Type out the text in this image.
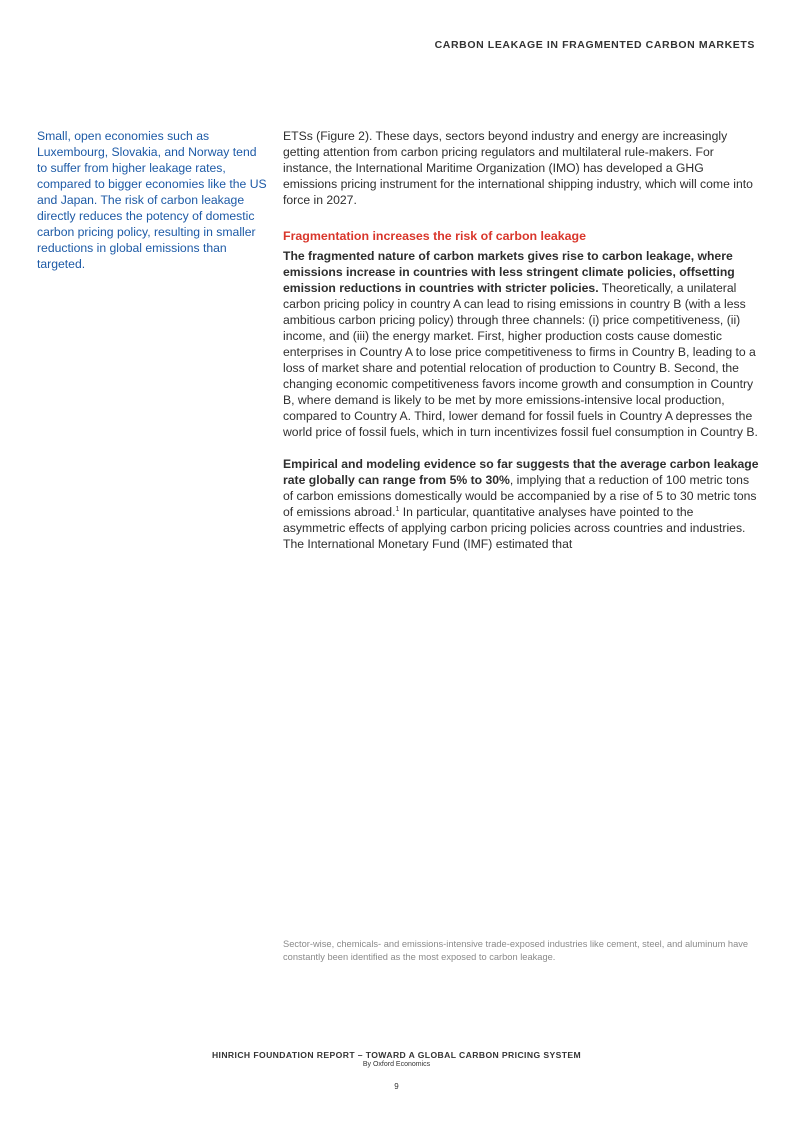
CARBON LEAKAGE IN FRAGMENTED CARBON MARKETS
Small, open economies such as Luxembourg, Slovakia, and Norway tend to suffer from higher leakage rates, compared to bigger economies like the US and Japan. The risk of carbon leakage directly reduces the potency of domestic carbon pricing policy, resulting in smaller reductions in global emissions than targeted.

ETSs (Figure 2). These days, sectors beyond industry and energy are increasingly getting attention from carbon pricing regulators and multilateral rule-makers. For instance, the International Maritime Organization (IMO) has developed a GHG emissions pricing instrument for the international shipping industry, which will come into force in 2027.

Fragmentation increases the risk of carbon leakage

The fragmented nature of carbon markets gives rise to carbon leakage, where emissions increase in countries with less stringent climate policies, offsetting emission reductions in countries with stricter policies. Theoretically, a unilateral carbon pricing policy in country A can lead to rising emissions in country B (with a less ambitious carbon pricing policy) through three channels: (i) price competitiveness, (ii) income, and (iii) the energy market. First, higher production costs cause domestic enterprises in Country A to lose price competitiveness to firms in Country B, leading to a loss of market share and potential relocation of production to Country B. Second, the changing economic competitiveness favors income growth and consumption in Country B, where demand is likely to be met by more emissions-intensive local production, compared to Country A. Third, lower demand for fossil fuels in Country A depresses the world price of fossil fuels, which in turn incentivizes fossil fuel consumption in Country B.

Empirical and modeling evidence so far suggests that the average carbon leakage rate globally can range from 5% to 30%, implying that a reduction of 100 metric tons of carbon emissions domestically would be accompanied by a rise of 5 to 30 metric tons of emissions abroad.$^1$ In particular, quantitative analyses have pointed to the asymmetric effects of applying carbon pricing policies across countries and industries. The International Monetary Fund (IMF) estimated that

Sector-wise, chemicals- and emissions-intensive trade-exposed industries like cement, steel, and aluminum have constantly been identified as the most exposed to carbon leakage.
HINRICH FOUNDATION REPORT – TOWARD A GLOBAL CARBON PRICING SYSTEM
By Oxford Economics
9
